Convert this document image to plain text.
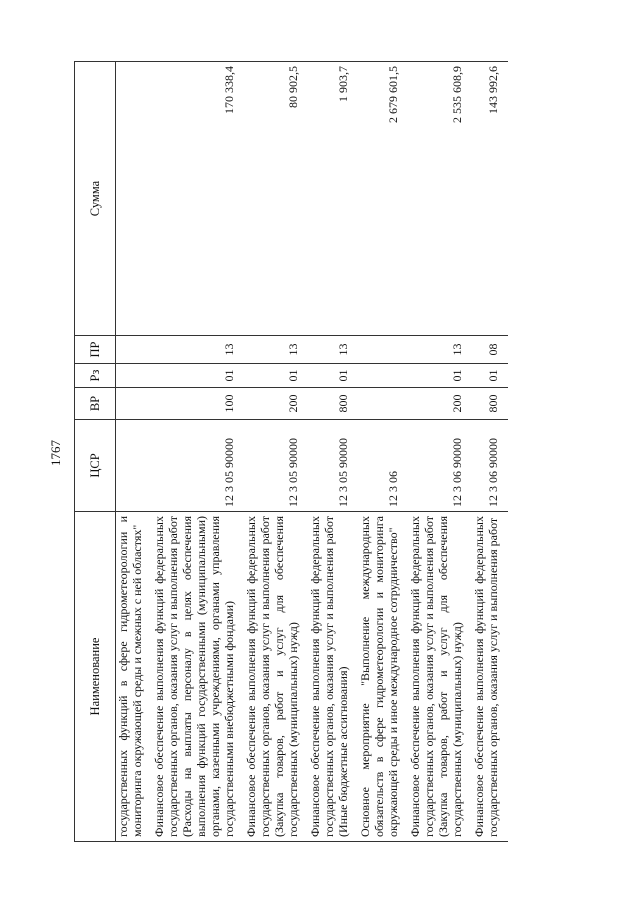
1767
Наименование	ЦСР	ВР	Рз	ПР	Сумма
государственных функций в сфере гидрометеорологии и мониторинга окружающей среды и смежных с ней областях"					
Финансовое обеспечение выполнения функций федеральных государственных органов, оказания услуг и выполнения работ (Расходы на выплаты персоналу в целях обеспечения выполнения функций государственными (муниципальными) органами, казенными учреждениями, органами управления государственными внебюджетными фондами)	12 3 05 90000	100	01	13	170 338,4
Финансовое обеспечение выполнения функций федеральных государственных органов, оказания услуг и выполнения работ (Закупка товаров, работ и услуг для обеспечения государственных (муниципальных) нужд)	12 3 05 90000	200	01	13	80 902,5
Финансовое обеспечение выполнения функций федеральных государственных органов, оказания услуг и выполнения работ (Иные бюджетные ассигнования)	12 3 05 90000	800	01	13	1 903,7
Основное мероприятие "Выполнение международных обязательств в сфере гидрометеорологии и мониторинга окружающей среды и иное международное сотрудничество"	12 3 06				2 679 601,5
Финансовое обеспечение выполнения функций федеральных государственных органов, оказания услуг и выполнения работ (Закупка товаров, работ и услуг для обеспечения государственных (муниципальных) нужд)	12 3 06 90000	200	01	13	2 535 608,9
Финансовое обеспечение выполнения функций федеральных государственных органов, оказания услуг и выполнения работ	12 3 06 90000	800	01	08	143 992,6
